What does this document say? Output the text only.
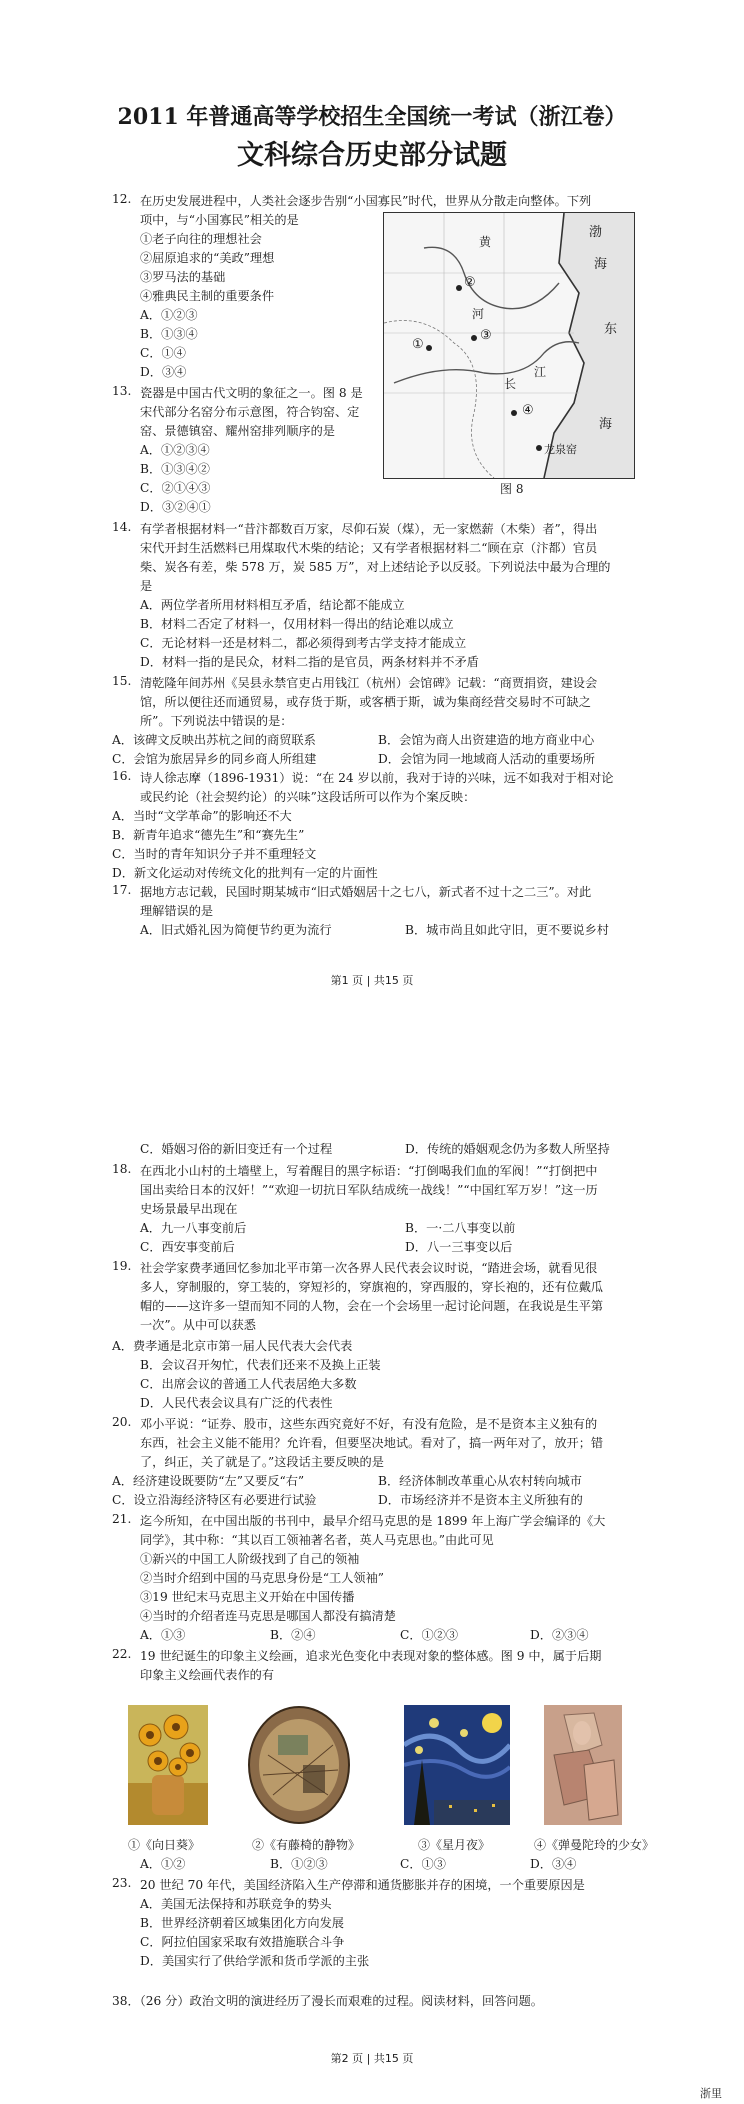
2011 年普通高等学校招生全国统一考试（浙江卷）
文科综合历史部分试题
12. 在历史发展进程中，人类社会逐步告别“小国寡民”时代，世界从分散走向整体。下列
项中，与“小国寡民”相关的是
①老子向往的理想社会
②屈原追求的“美政”理想
③罗马法的基础
④雅典民主制的重要条件
A．①②③
B．①③④
C．①④
D．③④
13. 瓷器是中国古代文明的象征之一。图 8 是
宋代部分名窑分布示意图，符合钧窑、定
窑、景德镇窑、耀州窑排列顺序的是
A．①②③④
B．①③④②
C．②①④③
D．③②④①
渤
海
黄
河
东
海
长
江
龙泉窑
①
②
③
④
图 8
14. 有学者根据材料一“昔汴都数百万家，尽仰石炭（煤），无一家燃薪（木柴）者”，得出
宋代开封生活燃料已用煤取代木柴的结论；又有学者根据材料二“顾在京（汴都）官员
柴、炭各有差，柴 578 万，炭 585 万”，对上述结论予以反驳。下列说法中最为合理的
是
A．两位学者所用材料相互矛盾，结论都不能成立
B．材料二否定了材料一，仅用材料一得出的结论难以成立
C．无论材料一还是材料二，都必须得到考古学支持才能成立
D．材料一指的是民众，材料二指的是官员，两条材料并不矛盾
15. 清乾隆年间苏州《吴县永禁官吏占用钱江（杭州）会馆碑》记载：“商贾捐资，建设会
馆，所以便往还而通贸易，或存货于斯，或客栖于斯，诚为集商经营交易时不可缺之
所”。下列说法中错误的是：
A．该碑文反映出苏杭之间的商贸联系	B．会馆为商人出资建造的地方商业中心
C．会馆为旅居异乡的同乡商人所组建	D．会馆为同一地域商人活动的重要场所
16. 诗人徐志摩（1896-1931）说：“在 24 岁以前，我对于诗的兴味，远不如我对于相对论
或民约论（社会契约论）的兴味”这段话所可以作为个案反映：
A．当时“文学革命”的影响还不大
B．新青年追求“德先生”和“赛先生”
C．当时的青年知识分子并不重理轻文
D．新文化运动对传统文化的批判有一定的片面性
17. 据地方志记载，民国时期某城市“旧式婚姻居十之七八，新式者不过十之二三”。对此
理解错误的是
A．旧式婚礼因为简便节约更为流行	B．城市尚且如此守旧，更不要说乡村
第1 页 | 共15 页
C．婚姻习俗的新旧变迁有一个过程	D．传统的婚姻观念仍为多数人所坚持
18. 在西北小山村的土墙壁上，写着醒目的黑字标语：“打倒喝我们血的军阀！”“打倒把中
国出卖给日本的汉奸！”“欢迎一切抗日军队结成统一战线！”“中国红军万岁！”这一历
史场景最早出现在
A．九一八事变前后	B．一·二八事变以前
C．西安事变前后	D．八一三事变以后
19. 社会学家费孝通回忆参加北平市第一次各界人民代表会议时说，“踏进会场，就看见很
多人，穿制服的，穿工装的，穿短衫的，穿旗袍的，穿西服的，穿长袍的，还有位戴瓜
帽的——这许多一望而知不同的人物，会在一个会场里一起讨论问题，在我说是生平第
一次”。从中可以获悉
A．费孝通是北京市第一届人民代表大会代表
B．会议召开匆忙，代表们还来不及换上正装
C．出席会议的普通工人代表居绝大多数
D．人民代表会议具有广泛的代表性
20. 邓小平说：“证券、股市，这些东西究竟好不好，有没有危险，是不是资本主义独有的
东西，社会主义能不能用？允许看，但要坚决地试。看对了，搞一两年对了，放开；错
了，纠正，关了就是了。”这段话主要反映的是
A．经济建设既要防“左”又要反“右”	B．经济体制改革重心从农村转向城市
C．设立沿海经济特区有必要进行试验	D．市场经济并不是资本主义所独有的
21. 迄今所知，在中国出版的书刊中，最早介绍马克思的是 1899 年上海广学会编译的《大
同学》，其中称：“其以百工领袖著名者，英人马克思也。”由此可见
①新兴的中国工人阶级找到了自己的领袖
②当时介绍到中国的马克思身份是“工人领袖”
③19 世纪末马克思主义开始在中国传播
④当时的介绍者连马克思是哪国人都没有搞清楚
A．①③	B．②④	C．①②③	D．②③④
22. 19 世纪诞生的印象主义绘画，追求光色变化中表现对象的整体感。图 9 中，属于后期
印象主义绘画代表作的有
①《向日葵》	②《有藤椅的静物》	③《星月夜》	④《弹曼陀玲的少女》
A．①②	B．①②③	C．①③	D．③④
23. 20 世纪 70 年代，美国经济陷入生产停滞和通货膨胀并存的困境，一个重要原因是
A．美国无法保持和苏联竞争的势头
B．世界经济朝着区域集团化方向发展
C．阿拉伯国家采取有效措施联合斗争
D．美国实行了供给学派和货币学派的主张
38．（26 分）政治文明的演进经历了漫长而艰难的过程。阅读材料，回答问题。
第2 页 | 共15 页
浙里
